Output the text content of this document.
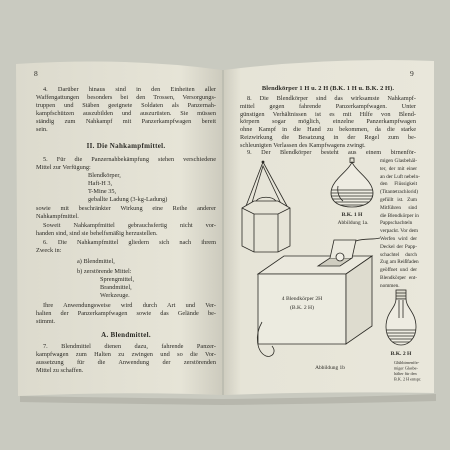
8
4. Darüber hinaus sind in den Einheiten aller
Waffengattungen besonders bei den Trossen, Versorgungs-
truppen und Stäben geeignete Soldaten als Panzernah-
kampfschützen auszubilden und auszurüsten. Sie müssen
ständig zum Nahkampf mit Panzerkampfwagen bereit
sein.
II. Die Nahkampfmittel.
5. Für die Panzernahbekämpfung stehen verschiedene
Mittel zur Verfügung:
Blendkörper,
Haft-H 3,
T-Mine 35,
geballte Ladung (3-kg-Ladung)
sowie mit beschränkter Wirkung eine Reihe anderer
Nahkampfmittel.
Soweit Nahkampfmittel gebrauchsfertig nicht vor-
handen sind, sind sie behelfsmäßig herzustellen.
6. Die Nahkampfmittel gliedern sich nach ihrem
Zweck in:
a) Blendmittel,
b) zerstörende Mittel:
Sprengmittel,
Brandmittel,
Werkzeuge.
Ihre Anwendungsweise wird durch Art und Ver-
halten der Panzerkampfwagen sowie das Gelände be-
stimmt.
A. Blendmittel.
7. Blendmittel dienen dazu, fahrende Panzer-
kampfwagen zum Halten zu zwingen und so die Vor-
aussetzung für die Anwendung der zerstörenden
Mittel zu schaffen.
9
Blendkörper 1 H u. 2 H (B.K. 1 H u. B.K. 2 H).
8. Die Blendkörper sind das wirksamste Nahkampf-
mittel gegen fahrende Panzerkampfwagen. Unter
günstigen Verhältnissen ist es mit Hilfe von Blend-
körpern sogar möglich, einzelne Panzerkampfwagen
ohne Kampf in die Hand zu bekommen, da die starke
Reizwirkung die Besatzung in der Regel zum be-
schleunigten Verlassen des Kampfwagens zwingt.
9. Der Blendkörper besteht aus einem birnenför-
migen Glasbehäl-
ter, der mit einer
an der Luft nebeln-
den Flüssigkeit
(Titantetrachlorid)
gefüllt ist. Zum
Mitführen sind
die Blendkörper in
Pappschachteln
verpackt. Vor dem
Werfen wird der
Deckel der Papp-
schachtel durch
Zug am Reißfaden
geöffnet und der
Blendkörper ent-
nommen.
B.K. 1 H
Abbildung 1a.
4 Blendkörper 2H
(B.K. 2 H)
B.K. 2 H
Abbildung 1b
Glühbirnenför-
miger Glasbe-
hälter für den
B.K. 2 H entspr.
